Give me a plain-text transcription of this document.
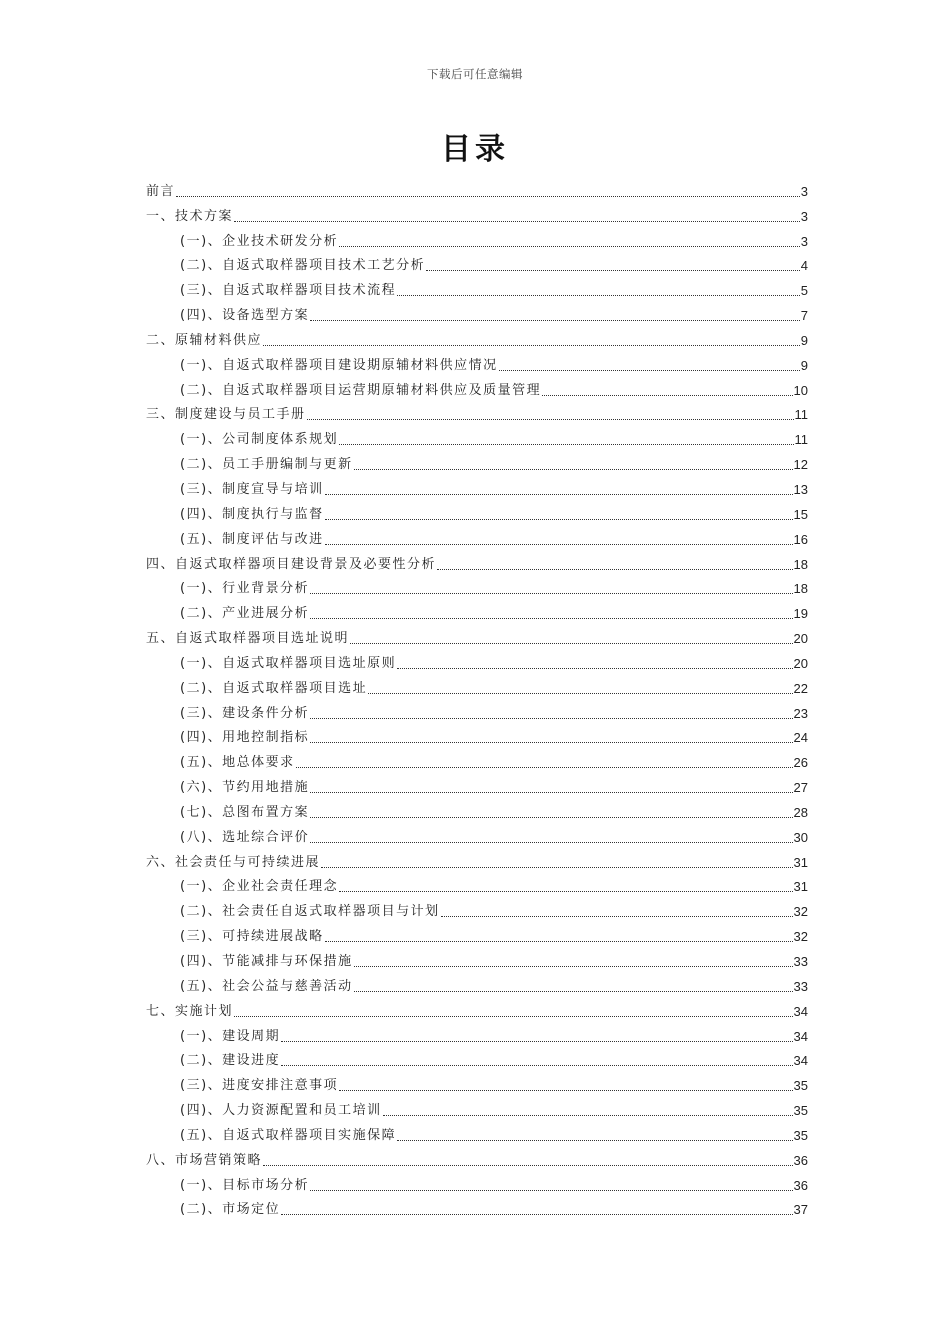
下载后可任意编辑
目录
前言	3
一、技术方案	3
(一)、企业技术研发分析	3
(二)、自返式取样器项目技术工艺分析	4
(三)、自返式取样器项目技术流程	5
(四)、设备选型方案	7
二、原辅材料供应	9
(一)、自返式取样器项目建设期原辅材料供应情况	9
(二)、自返式取样器项目运营期原辅材料供应及质量管理	10
三、制度建设与员工手册	11
(一)、公司制度体系规划	11
(二)、员工手册编制与更新	12
(三)、制度宣导与培训	13
(四)、制度执行与监督	15
(五)、制度评估与改进	16
四、自返式取样器项目建设背景及必要性分析	18
(一)、行业背景分析	18
(二)、产业进展分析	19
五、自返式取样器项目选址说明	20
(一)、自返式取样器项目选址原则	20
(二)、自返式取样器项目选址	22
(三)、建设条件分析	23
(四)、用地控制指标	24
(五)、地总体要求	26
(六)、节约用地措施	27
(七)、总图布置方案	28
(八)、选址综合评价	30
六、社会责任与可持续进展	31
(一)、企业社会责任理念	31
(二)、社会责任自返式取样器项目与计划	32
(三)、可持续进展战略	32
(四)、节能减排与环保措施	33
(五)、社会公益与慈善活动	33
七、实施计划	34
(一)、建设周期	34
(二)、建设进度	34
(三)、进度安排注意事项	35
(四)、人力资源配置和员工培训	35
(五)、自返式取样器项目实施保障	35
八、市场营销策略	36
(一)、目标市场分析	36
(二)、市场定位	37
